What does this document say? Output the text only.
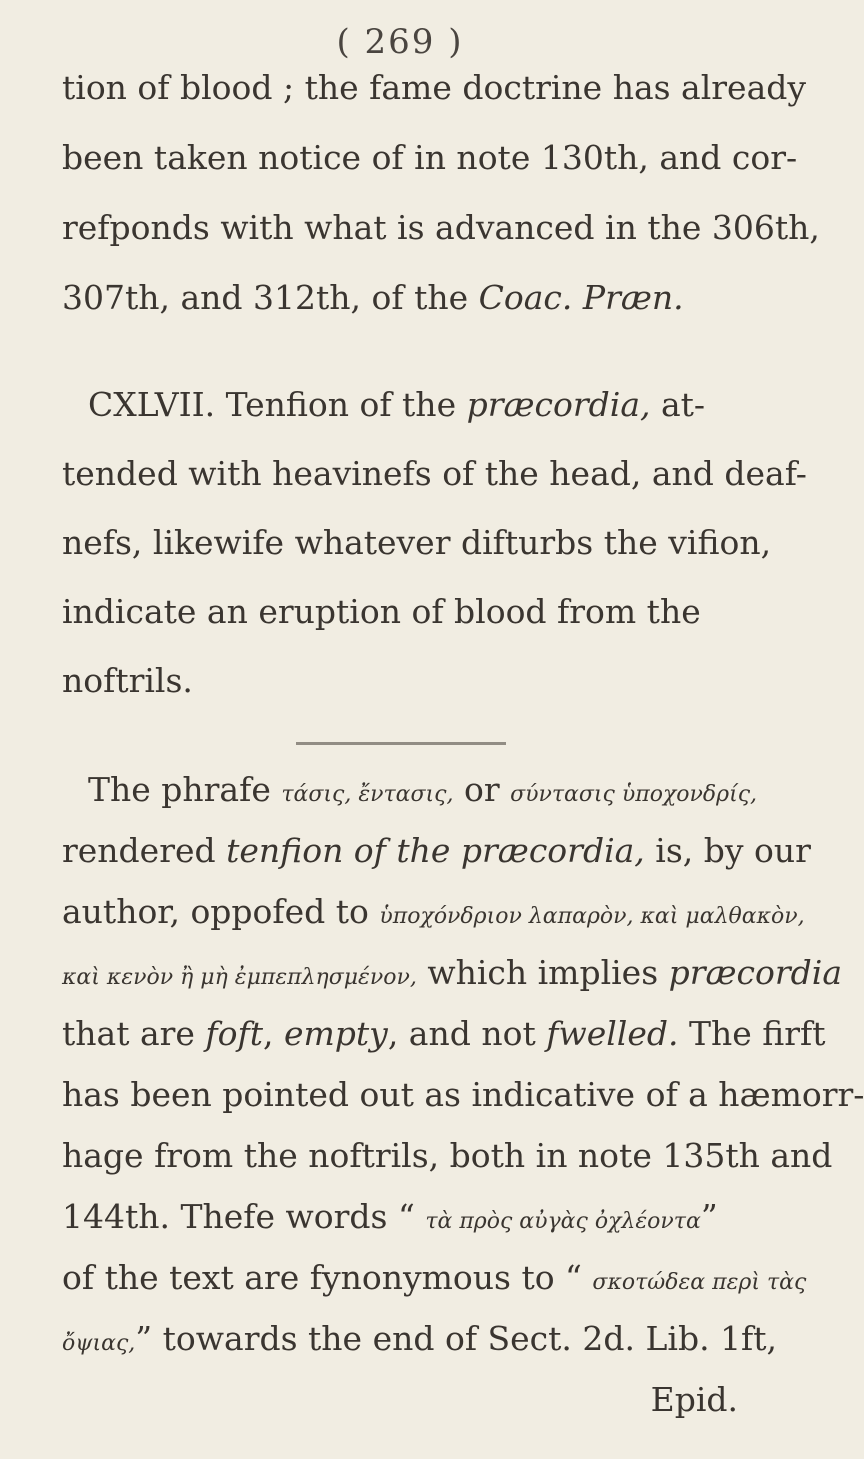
( 269 )
tion of blood ; the fame doctrine has already
been taken notice of in note 130th, and cor-
refponds with what is advanced in the 306th,
307th, and 312th, of the Coac. Præn.
CXLVII. Tenfion of the præcordia, at-
tended with heavinefs of the head, and deaf-
nefs, likewife whatever difturbs the vifion,
indicate an eruption of blood from the
noftrils.
The phrafe τάσις, ἔντασις, or σύντασις ὑποχονδρίς,
rendered tenfion of the præcordia, is, by our
author, oppofed to ὑποχόνδριον λαπαρὸν, καὶ μαλθακὸν,
καὶ κενὸν ἢ μὴ ἐμπεπλησμένον, which implies præcordia
that are foft, empty, and not fwelled. The firft
has been pointed out as indicative of a hæmorr-
hage from the noftrils, both in note 135th and
144th. Thefe words “ τὰ πρὸς αὐγὰς ὀχλέοντα”
of the text are fynonymous to “ σκοτώδεα περὶ τὰς
ὄψιας,” towards the end of Sect. 2d. Lib. 1ft,
Epid.
